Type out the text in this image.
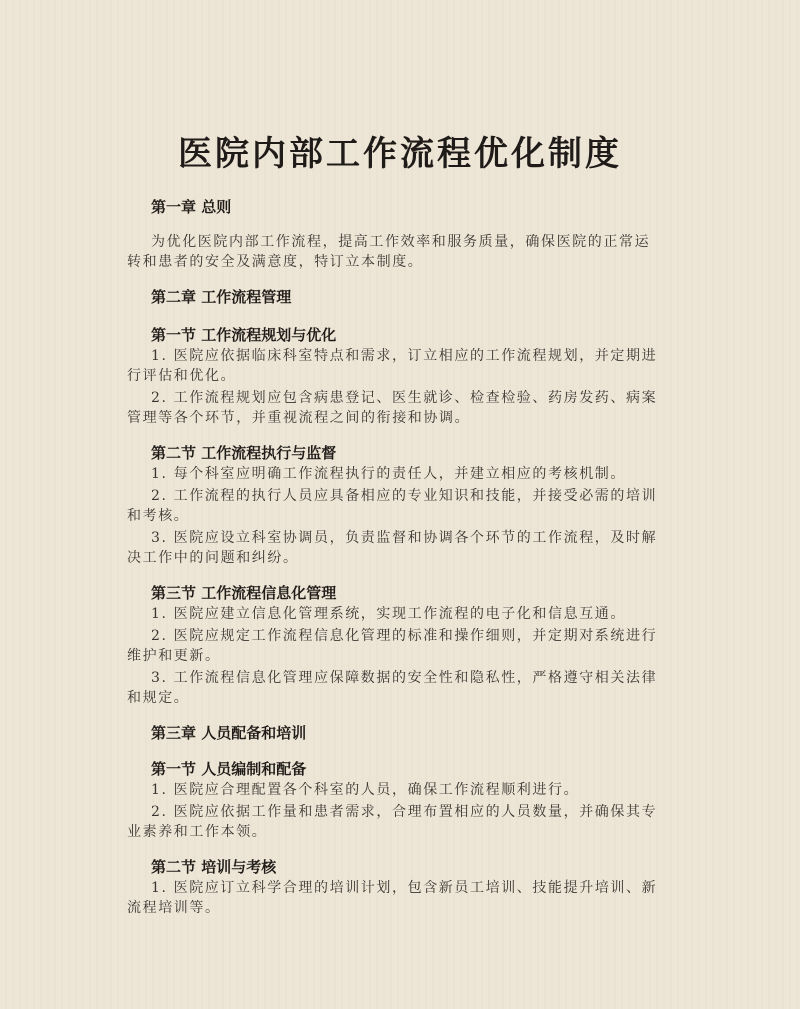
医院内部工作流程优化制度
第一章 总则

为优化医院内部工作流程，提高工作效率和服务质量，确保医院的正常运转和患者的安全及满意度，特订立本制度。

第二章 工作流程管理
第一节 工作流程规划与优化

1. 医院应依据临床科室特点和需求，订立相应的工作流程规划，并定期进行评估和优化。

2. 工作流程规划应包含病患登记、医生就诊、检查检验、药房发药、病案管理等各个环节，并重视流程之间的衔接和协调。

第二节 工作流程执行与监督

1. 每个科室应明确工作流程执行的责任人，并建立相应的考核机制。

2. 工作流程的执行人员应具备相应的专业知识和技能，并接受必需的培训和考核。

3. 医院应设立科室协调员，负责监督和协调各个环节的工作流程，及时解决工作中的问题和纠纷。

第三节 工作流程信息化管理

1. 医院应建立信息化管理系统，实现工作流程的电子化和信息互通。

2. 医院应规定工作流程信息化管理的标准和操作细则，并定期对系统进行维护和更新。

3. 工作流程信息化管理应保障数据的安全性和隐私性，严格遵守相关法律和规定。

第三章 人员配备和培训
第一节 人员编制和配备

1. 医院应合理配置各个科室的人员，确保工作流程顺利进行。

2. 医院应依据工作量和患者需求，合理布置相应的人员数量，并确保其专业素养和工作本领。

第二节 培训与考核

1. 医院应订立科学合理的培训计划，包含新员工培训、技能提升培训、新流程培训等。
